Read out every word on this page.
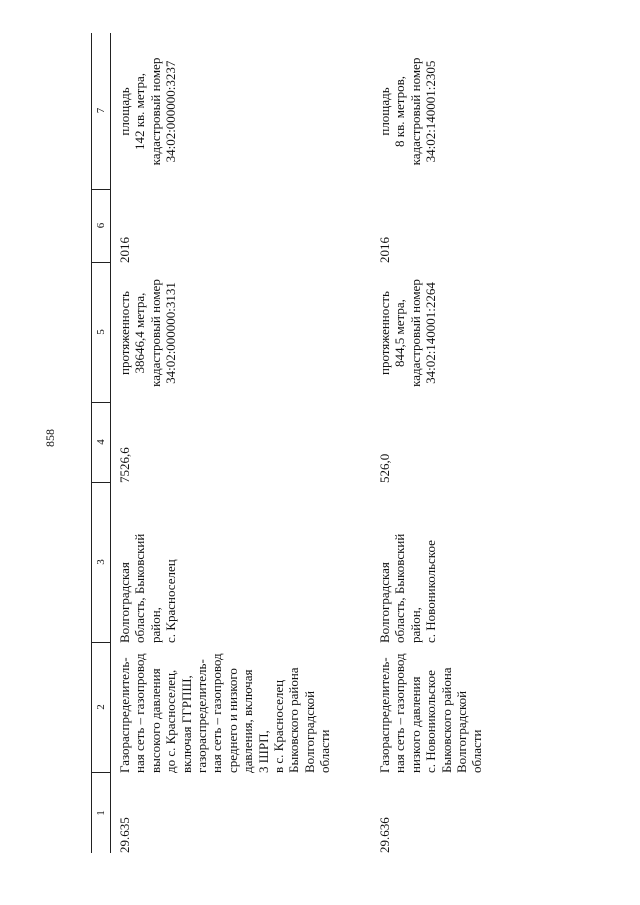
858
1
2
3
4
5
6
7
29.635
Газораспределитель- ная сеть – газопровод высокого давления до с. Красноселец, включая ГГРПШ, газораспределитель- ная сеть – газопровод среднего и низкого давления, включая 3 ШРП, в с. Красноселец Быковского района Волгоградской области
Волгоградская область, Быковский район, с. Красноселец
7526,6
протяженность 38646,4 метра, кадастровый номер 34:02:000000:3131
2016
площадь 142 кв. метра, кадастровый номер 34:02:000000:3237
29.636
Газораспределитель- ная сеть – газопровод низкого давления с. Новоникольское Быковского района Волгоградской области
Волгоградская область, Быковский район, с. Новоникольское
526,0
протяженность 844,5 метра, кадастровый номер 34:02:140001:2264
2016
площадь 8 кв. метров, кадастровый номер 34:02:140001:2305
